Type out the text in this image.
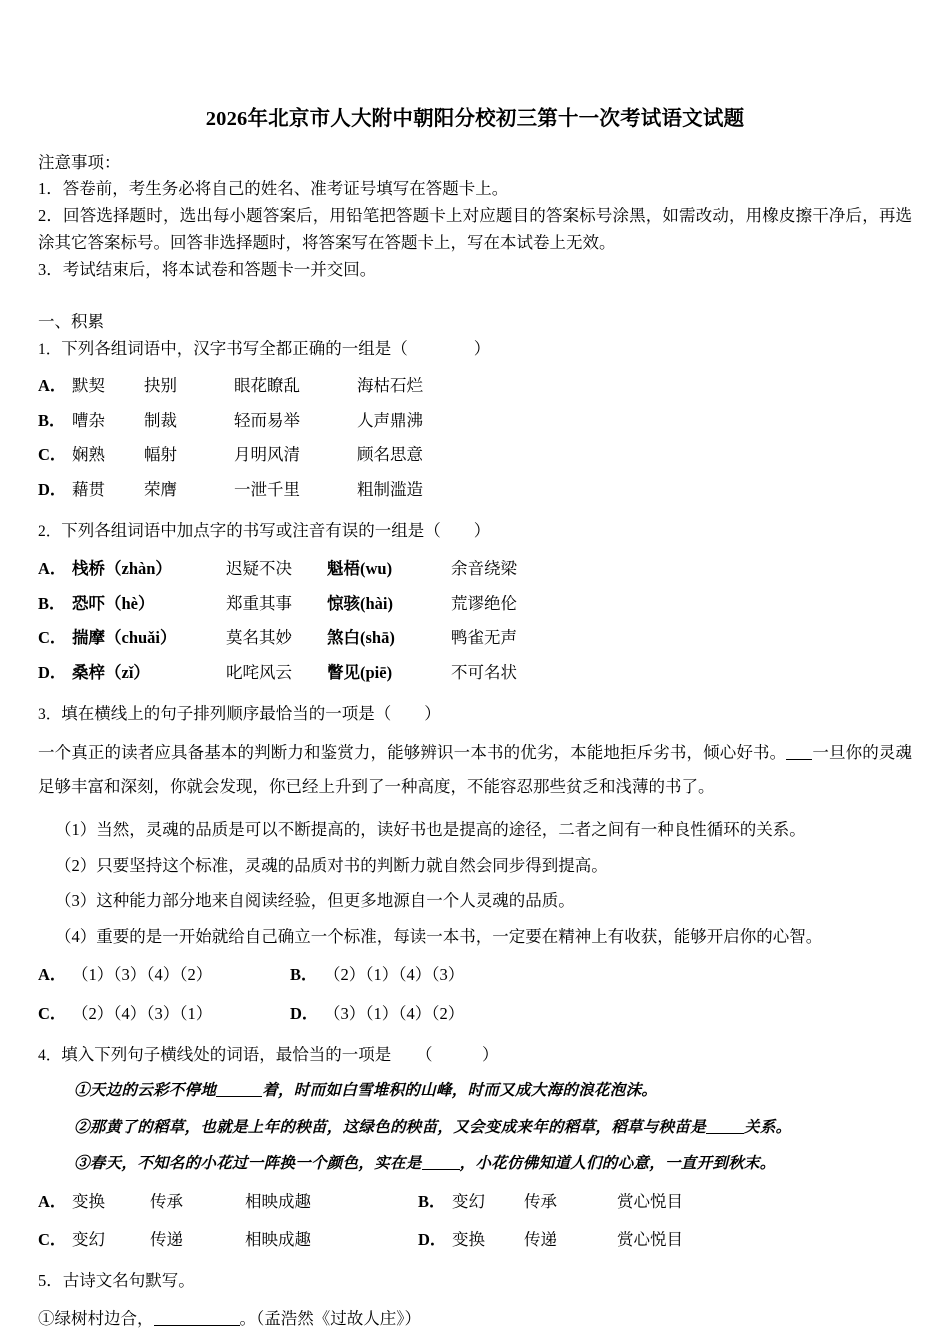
2026年北京市人大附中朝阳分校初三第十一次考试语文试题
注意事项：
1．答卷前，考生务必将自己的姓名、准考证号填写在答题卡上。
2．回答选择题时，选出每小题答案后，用铅笔把答题卡上对应题目的答案标号涂黑，如需改动，用橡皮擦干净后，再选涂其它答案标号。回答非选择题时，将答案写在答题卡上，写在本试卷上无效。
3．考试结束后，将本试卷和答题卡一并交回。
一、积累
1．下列各组词语中，汉字书写全都正确的一组是（　　　　）
A． 默契 抉别	眼花瞭乱	海枯石烂
B． 嘈杂 制裁	轻而易举	人声鼎沸
C． 娴熟 幅射	月明风清	顾名思意
D． 藉贯 荣膺	一泄千里	粗制滥造
2．下列各组词语中加点字的书写或注音有误的一组是（　　）
A． 栈桥（zhàn）	迟疑不决 魁梧(wu)	余音绕梁
B． 恐吓（hè）	郑重其事 惊骇(hài)	荒谬绝伦
C． 揣摩（chuǎi）	莫名其妙 煞白(shā)	鸭雀无声
D． 桑梓（zǐ）	叱咤风云 瞥见(piē)	不可名状
3．填在横线上的句子排列顺序最恰当的一项是（　　）
一个真正的读者应具备基本的判断力和鉴赏力，能够辨识一本书的优劣，本能地拒斥劣书，倾心好书。 一旦你的灵魂足够丰富和深刻，你就会发现，你已经上升到了一种高度，不能容忍那些贫乏和浅薄的书了。
（1）当然，灵魂的品质是可以不断提高的，读好书也是提高的途径，二者之间有一种良性循环的关系。
（2）只要坚持这个标准，灵魂的品质对书的判断力就自然会同步得到提高。
（3）这种能力部分地来自阅读经验，但更多地源自一个人灵魂的品质。
（4）重要的是一开始就给自己确立一个标准，每读一本书，一定要在精神上有收获，能够开启你的心智。
A． （1）（3）（4）（2）	B． （2）（1）（4）（3）
C． （2）（4）（3）（1）	D． （3）（1）（4）（2）
4．填入下列句子横线处的词语，最恰当的一项是　　（　　　）
①天边的云彩不停地	着，时而如白雪堆积的山峰，时而又成大海的浪花泡沫。
②那黄了的稻草，也就是上年的秧苗，这绿色的秧苗，又会变成来年的稻草，稻草与秧苗是 关系。
③春天，不知名的小花过一阵换一个颜色，实在是 ，小花仿佛知道人们的心意，一直开到秋末。
A． 变换	传承	相映成趣	B． 变幻 传承	赏心悦目
C． 变幻	传递	相映成趣	D． 变换 传递	赏心悦目
5．古诗文名句默写。
①绿树村边合，	。（孟浩然《过故人庄》）
